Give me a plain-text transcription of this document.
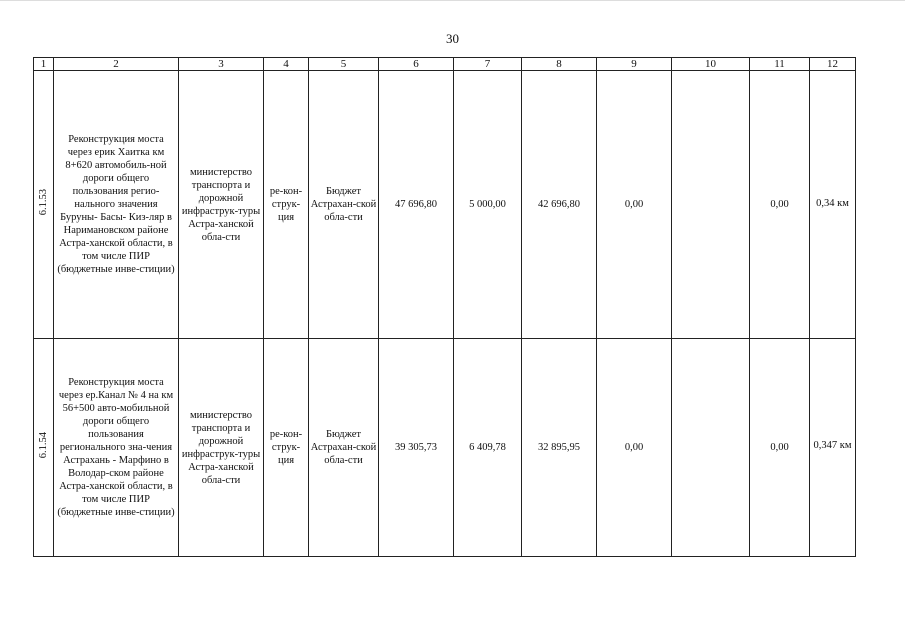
30
1	2	3	4	5	6	7	8	9	10	11	12
6.1.53	Реконструкция моста через ерик Хаитка км 8+620 автомобиль-ной дороги общего пользования регио-нального значения Буруны- Басы- Киз-ляр в Наримановском районе Астра-ханской области, в том числе ПИР (бюджетные инве-стиции)	министерство транспорта и дорожной инфраструк-туры Астра-ханской обла-сти	ре-кон-струк-ция	Бюджет Астрахан-ской обла-сти	47 696,80	5 000,00	42 696,80	0,00		0,00	0,34 км

6.1.54	Реконструкция моста через ер.Канал № 4 на км 56+500 авто-мобильной дороги общего пользования регионального зна-чения Астрахань - Марфино в Володар-ском районе Астра-ханской области, в том числе ПИР (бюджетные инве-стиции)	министерство транспорта и дорожной инфраструк-туры Астра-ханской обла-сти	ре-кон-струк-ция	Бюджет Астрахан-ской обла-сти	39 305,73	6 409,78	32 895,95	0,00		0,00	0,347 км
